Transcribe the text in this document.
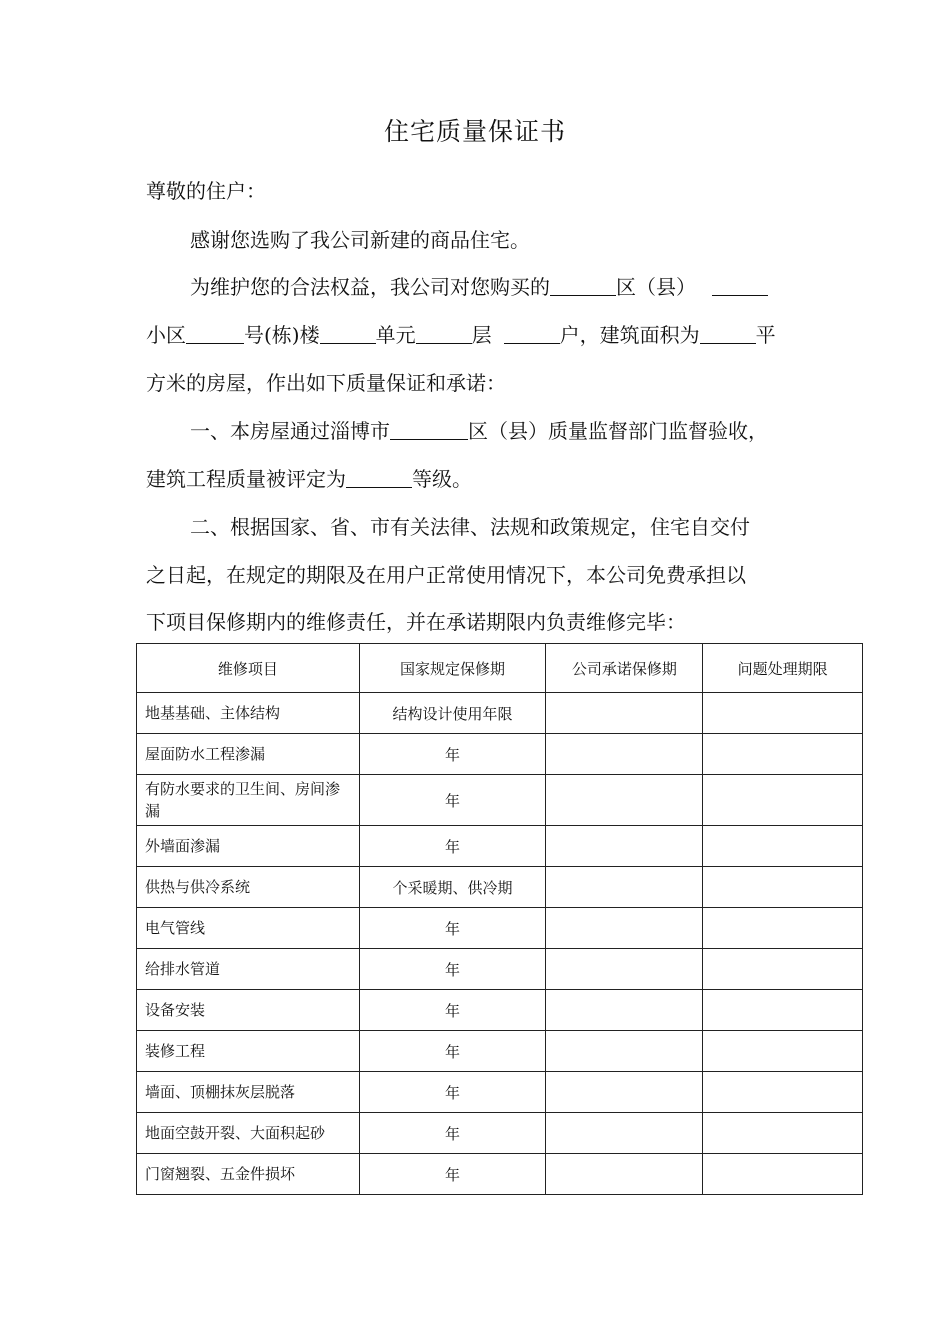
住宅质量保证书
尊敬的住户：
感谢您选购了我公司新建的商品住宅。
为维护您的合法权益，我公司对您购买的	区（县）
小区	号(栋)楼	单元	层	户，建筑面积为	平
方米的房屋，作出如下质量保证和承诺：
一、本房屋通过淄博市	区（县）质量监督部门监督验收，
建筑工程质量被评定为	等级。
二、根据国家、省、市有关法律、法规和政策规定，住宅自交付
之日起，在规定的期限及在用户正常使用情况下，本公司免费承担以
下项目保修期内的维修责任，并在承诺期限内负责维修完毕：
维修项目	国家规定保修期	公司承诺保修期	问题处理期限
地基基础、主体结构	结构设计使用年限		
屋面防水工程渗漏	年		
有防水要求的卫生间、房间渗漏	年		
外墙面渗漏	年		
供热与供冷系统	个采暖期、供冷期		
电气管线	年		
给排水管道	年		
设备安装	年		
装修工程	年		
墙面、顶棚抹灰层脱落	年		
地面空鼓开裂、大面积起砂	年		
门窗翘裂、五金件损坏	年		
